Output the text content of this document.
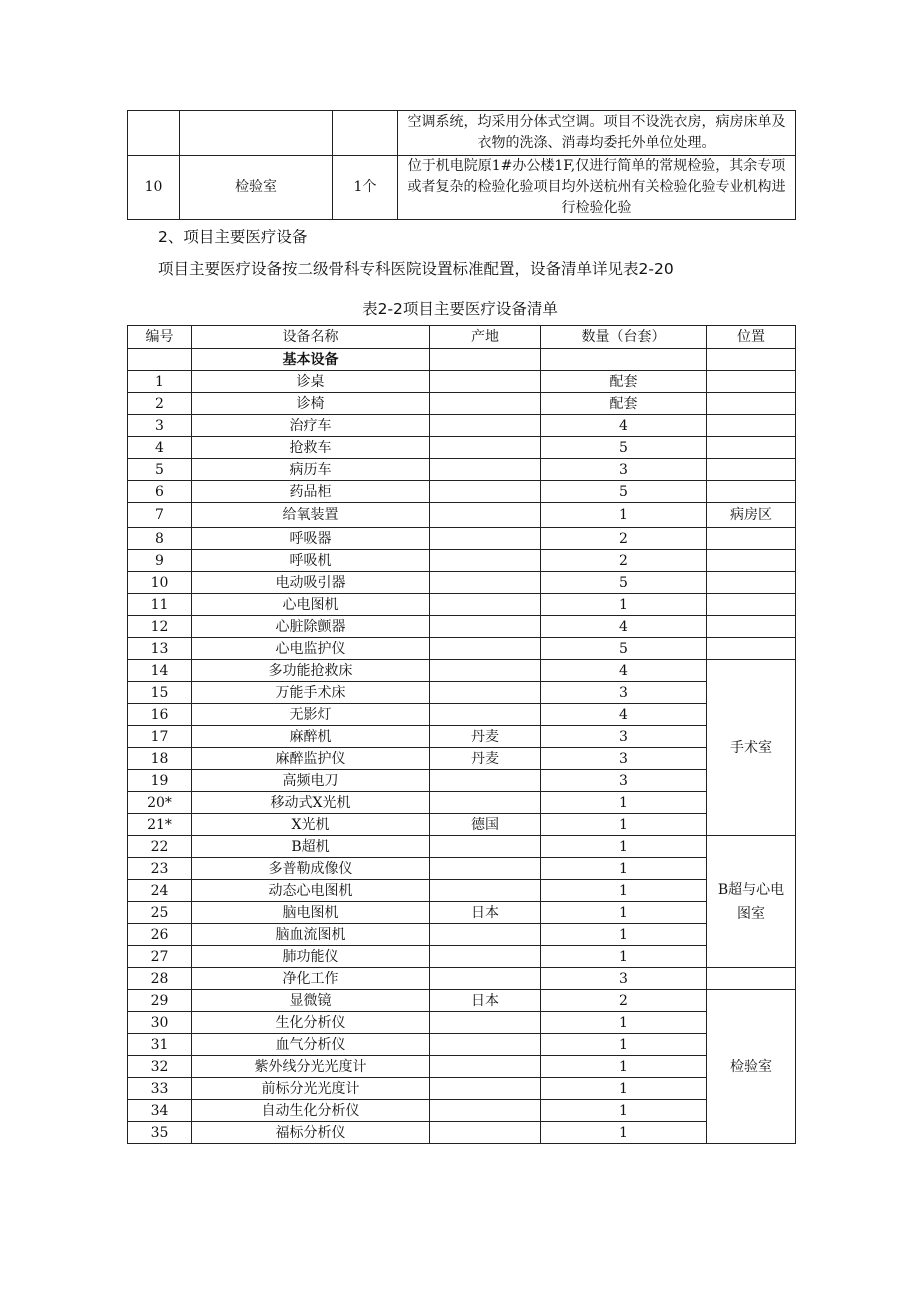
			空调系统，均采用分体式空调。项目不设洗衣房，病房床单及衣物的洗涤、消毒均委托外单位处理。
10	检验室	1个	位于机电院原1#办公楼1F,仅进行简单的常规检验，其余专项或者复杂的检验化验项目均外送杭州有关检验化验专业机构进行检验化验
2、项目主要医疗设备
项目主要医疗设备按二级骨科专科医院设置标准配置，设备清单详见表2-20
表2-2项目主要医疗设备清单
编号	设备名称	产地	数量（台套）	位置
	基本设备			
1	诊桌		配套	
2	诊椅		配套	
3	治疗车		4	
4	抢救车		5	
5	病历车		3	
6	药品柜		5	
7	给氧装置		1	病房区
8	呼吸器		2	
9	呼吸机		2	
10	电动吸引器		5	
11	心电图机		1	
12	心脏除颤器		4	
13	心电监护仪		5	
14	多功能抢救床		4	手术室
15	万能手术床		3	
16	无影灯		4	
17	麻醉机	丹麦	3	
18	麻醉监护仪	丹麦	3	
19	高频电刀		3	
20*	移动式X光机		1	
21*	X光机	德国	1	
22	B超机		1	B超与心电图室
23	多普勒成像仪		1	
24	动态心电图机		1	
25	脑电图机	日本	1	
26	脑血流图机		1	
27	肺功能仪		1	
28	净化工作		3	
29	显微镜	日本	2	检验室
30	生化分析仪		1	
31	血气分析仪		1	
32	紫外线分光光度计		1	
33	前标分光光度计		1	
34	自动生化分析仪		1	
35	福标分析仪		1	
